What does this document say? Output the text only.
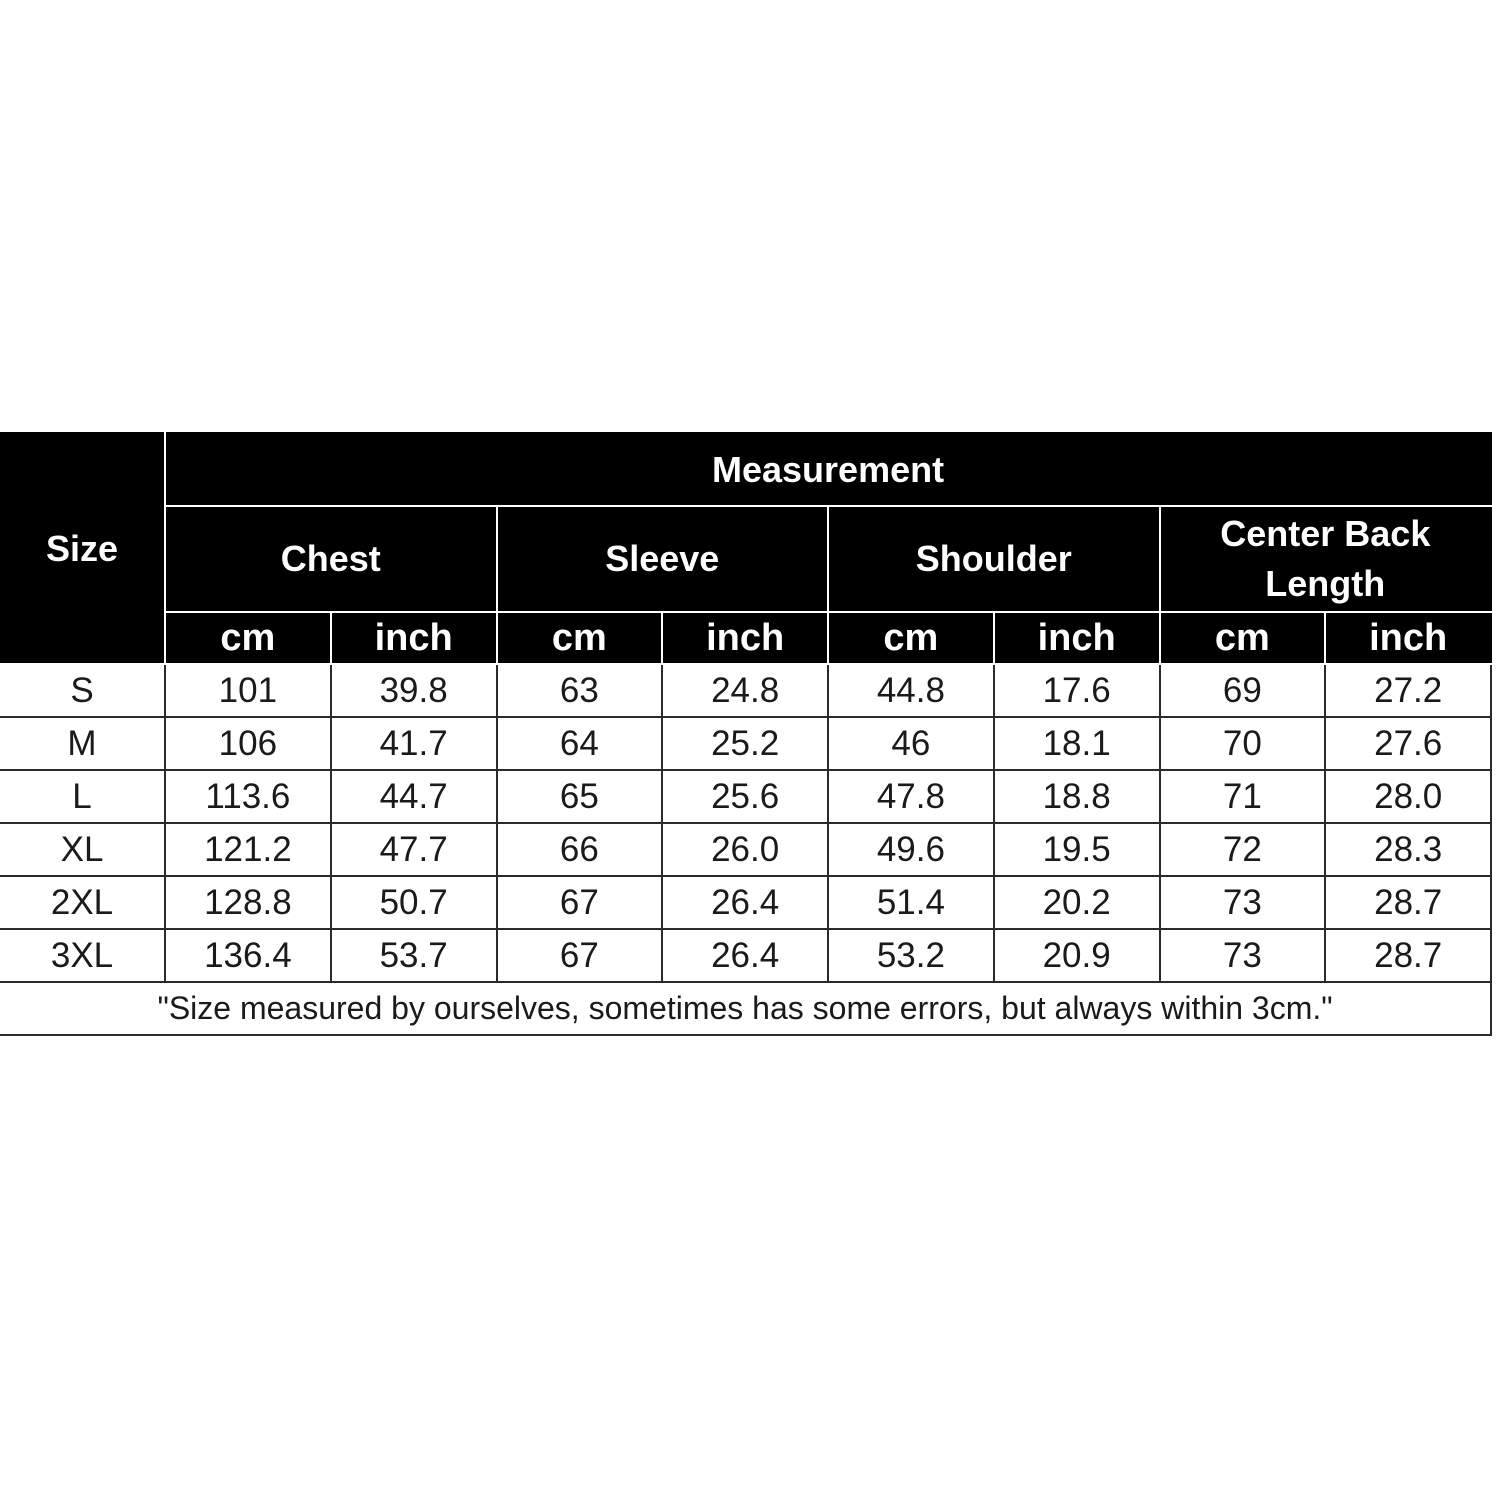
Size	Measurement							
	Chest		Sleeve		Shoulder		Center Back Length	
	cm	inch	cm	inch	cm	inch	cm	inch
S	101	39.8	63	24.8	44.8	17.6	69	27.2
M	106	41.7	64	25.2	46	18.1	70	27.6
L	113.6	44.7	65	25.6	47.8	18.8	71	28.0
XL	121.2	47.7	66	26.0	49.6	19.5	72	28.3
2XL	128.8	50.7	67	26.4	51.4	20.2	73	28.7
3XL	136.4	53.7	67	26.4	53.2	20.9	73	28.7
"Size measured by ourselves, sometimes has some errors, but always within 3cm."								
